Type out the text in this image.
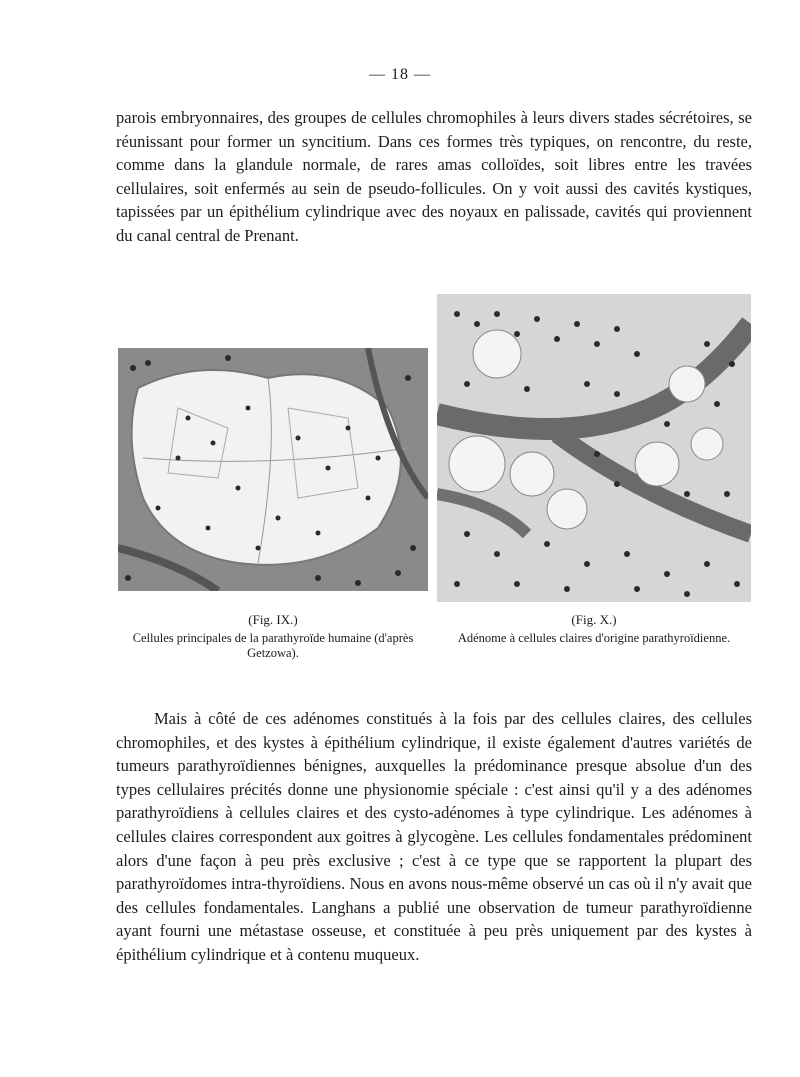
— 18 —

parois embryonnaires, des groupes de cellules chromophiles à leurs divers stades sécrétoires, se réunissant pour former un syncitium. Dans ces formes très typiques, on rencontre, du reste, comme dans la glandule normale, de rares amas colloïdes, soit libres entre les travées cellulaires, soit enfermés au sein de pseudo-follicules. On y voit aussi des cavités kystiques, tapissées par un épithélium cylindrique avec des noyaux en palissade, cavités qui proviennent du canal central de Prenant.

(Fig. IX.)
Cellules principales de la parathyroïde humaine (d'après Getzowa).
(Fig. X.)
Adénome à cellules claires d'origine parathyroïdienne.

Mais à côté de ces adénomes constitués à la fois par des cellules claires, des cellules chromophiles, et des kystes à épithélium cylindrique, il existe également d'autres variétés de tumeurs parathyroïdiennes bénignes, auxquelles la prédominance presque absolue d'un des types cellulaires précités donne une physionomie spéciale : c'est ainsi qu'il y a des adénomes parathyroïdiens à cellules claires et des cysto-adénomes à type cylindrique. Les adénomes à cellules claires correspondent aux goitres à glycogène. Les cellules fondamentales prédominent alors d'une façon à peu près exclusive ; c'est à ce type que se rapportent la plupart des parathyroïdomes intra-thyroïdiens. Nous en avons nous-même observé un cas où il n'y avait que des cellules fondamentales. Langhans a publié une observation de tumeur parathyroïdienne ayant fourni une métastase osseuse, et constituée à peu près uniquement par des kystes à épithélium cylindrique et à contenu muqueux.
